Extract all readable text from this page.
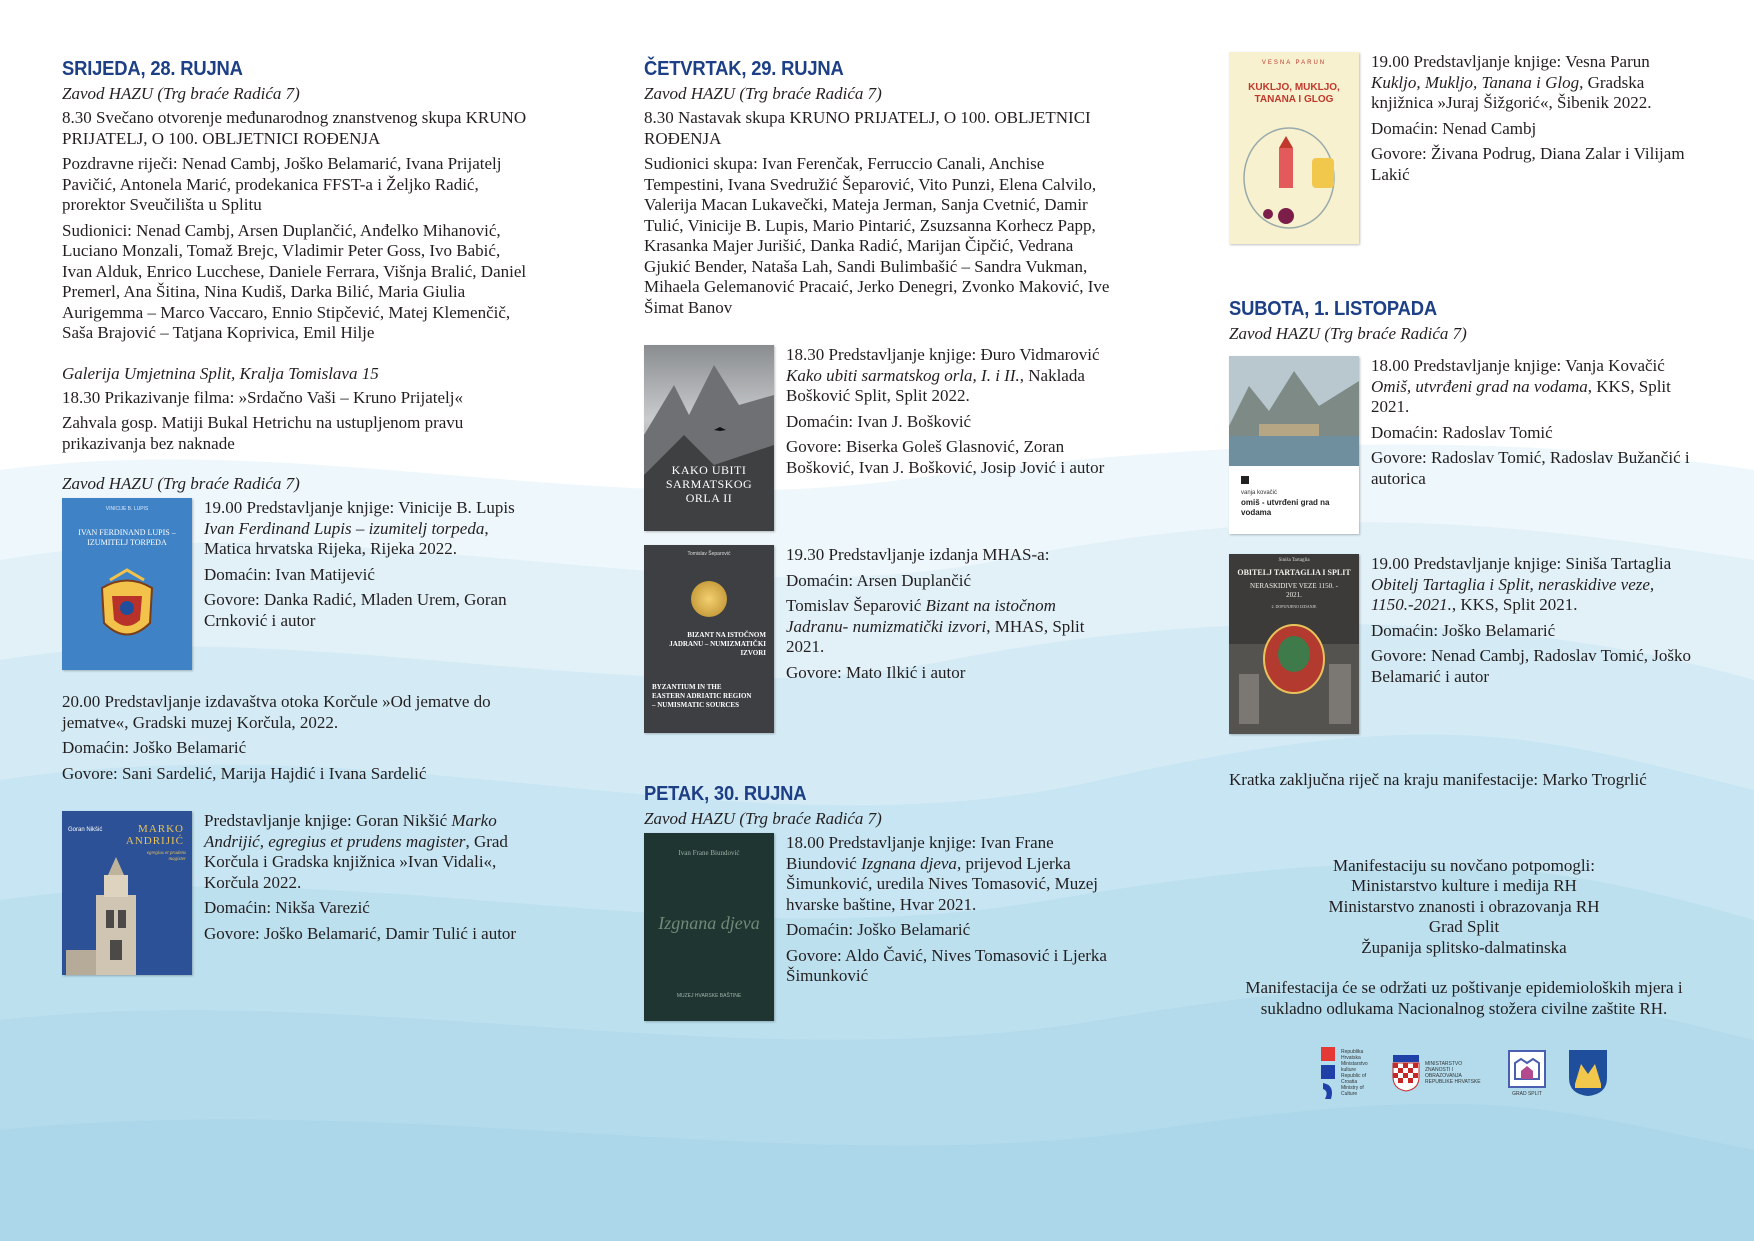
SRIJEDA, 28. RUJNA
Zavod HAZU (Trg braće Radića 7)

8.30 Svečano otvorenje međunarodnog znanstvenog skupa KRUNO PRIJATELJ, O 100. OBLJETNICI ROĐENJA

Pozdravne riječi: Nenad Cambj, Joško Belamarić, Ivana Prijatelj Pavičić, Antonela Marić, prodekanica FFST-a i Željko Radić, prorektor Sveučilišta u Splitu

Sudionici: Nenad Cambj, Arsen Duplančić, Anđelko Mihanović, Luciano Monzali, Tomaž Brejc, Vladimir Peter Goss, Ivo Babić, Ivan Alduk, Enrico Lucchese, Daniele Ferrara, Višnja Bralić, Daniel Premerl, Ana Šitina, Nina Kudiš, Darka Bilić, Maria Giulia Aurigemma – Marco Vaccaro, Ennio Stipčević, Matej Klemenčič, Saša Brajović – Tatjana Koprivica, Emil Hilje

Galerija Umjetnina Split, Kralja Tomislava 15

18.30 Prikazivanje filma: »Srdačno Vaši – Kruno Prijatelj«

Zahvala gosp. Matiji Bukal Hetrichu na ustupljenom pravu prikazivanja bez naknade

Zavod HAZU (Trg braće Radića 7)
VINICIJE B. LUPIS
IVAN FERDINAND LUPIS – IZUMITELJ TORPEDA

19.00 Predstavljanje knjige: Vinicije B. Lupis Ivan Ferdinand Lupis – izumitelj torpeda, Matica hrvatska Rijeka, Rijeka 2022.

Domaćin: Ivan Matijević

Govore: Danka Radić, Mladen Urem, Goran Crnković i autor

20.00 Predstavljanje izdavaštva otoka Korčule »Od jematve do jematve«, Gradski muzej Korčula, 2022.

Domaćin: Joško Belamarić

Govore: Sani Sardelić, Marija Hajdić i Ivana Sardelić

Goran Nikšić	MARKO
ANDRIJIĆ
egregius et prudens magister

Predstavljanje knjige: Goran Nikšić Marko Andrijić, egregius et prudens magister, Grad Korčula i Gradska knjižnica »Ivan Vidali«, Korčula 2022.

Domaćin: Nikša Varezić

Govore: Joško Belamarić, Damir Tulić i autor

ČETVRTAK, 29. RUJNA
Zavod HAZU (Trg braće Radića 7)

8.30 Nastavak skupa KRUNO PRIJATELJ, O 100. OBLJETNICI ROĐENJA

Sudionici skupa: Ivan Ferenčak, Ferruccio Canali, Anchise Tempestini, Ivana Svedružić Šeparović, Vito Punzi, Elena Calvilo, Valerija Macan Lukavečki, Mateja Jerman, Sanja Cvetnić, Damir Tulić, Vinicije B. Lupis, Mario Pintarić, Zsuzsanna Korhecz Papp, Krasanka Majer Jurišić, Danka Radić, Marijan Čipčić, Vedrana Gjukić Bender, Nataša Lah, Sandi Bulimbašić – Sandra Vukman, Mihaela Gelemanović Pracaić, Jerko Denegri, Zvonko Maković, Ive Šimat Banov

KAKO UBITI SARMATSKOG ORLA II

18.30 Predstavljanje knjige: Đuro Vidmarović Kako ubiti sarmatskog orla, I. i II., Naklada Bošković Split, Split 2022.

Domaćin: Ivan J. Bošković

Govore: Biserka Goleš Glasnović, Zoran Bošković, Ivan J. Bošković, Josip Jović i autor

Tomislav Šeparović
BIZANT NA ISTOČNOM JADRANU – NUMIZMATIČKI IZVORI
BYZANTIUM IN THE EASTERN ADRIATIC REGION – NUMISMATIC SOURCES

19.30 Predstavljanje izdanja MHAS-a:

Domaćin: Arsen Duplančić

Tomislav Šeparović Bizant na istočnom Jadranu- numizmatički izvori, MHAS, Split 2021.

Govore: Mato Ilkić i autor

PETAK, 30. RUJNA
Zavod HAZU (Trg braće Radića 7)
Ivan Frane Biundović
Izgnana djeva
MUZEJ HVARSKE BAŠTINE

18.00 Predstavljanje knjige: Ivan Frane Biundović Izgnana djeva, prijevod Ljerka Šimunković, uredila Nives Tomasović, Muzej hvarske baštine, Hvar 2021.

Domaćin: Joško Belamarić

Govore: Aldo Čavić, Nives Tomasović i Ljerka Šimunković

VESNA PARUN
KUKLJO, MUKLJO, TANANA I GLOG

19.00 Predstavljanje knjige: Vesna Parun Kukljo, Mukljo, Tanana i Glog, Gradska knjižnica »Juraj Šižgorić«, Šibenik 2022.

Domaćin: Nenad Cambj

Govore: Živana Podrug, Diana Zalar i Vilijam Lakić

SUBOTA, 1. LISTOPADA
Zavod HAZU (Trg braće Radića 7)
vanja kovačić
omiš - utvrđeni grad na vodama

18.00 Predstavljanje knjige: Vanja Kovačić Omiš, utvrđeni grad na vodama, KKS, Split 2021.

Domaćin: Radoslav Tomić

Govore: Radoslav Tomić, Radoslav Bužančić i autorica

Siniša Tartaglia
OBITELJ TARTAGLIA I SPLIT
NERASKIDIVE VEZE 1150. - 2021.
2. DOPUNJENO IZDANJE

19.00 Predstavljanje knjige: Siniša Tartaglia Obitelj Tartaglia i Split, neraskidive veze, 1150.-2021., KKS, Split 2021.

Domaćin: Joško Belamarić

Govore: Nenad Cambj, Radoslav Tomić, Joško Belamarić i autor

Kratka zaključna riječ na kraju manifestacije: Marko Trogrlić

Manifestaciju su novčano potpomogli:

Ministarstvo kulture i medija RH

Ministarstvo znanosti i obrazovanja RH

Grad Split

Županija splitsko-dalmatinska

Manifestacija će se održati uz poštivanje epidemioloških mjera i sukladno odlukama Nacionalnog stožera civilne zaštite RH.

Republika Hrvatska Ministarstvo kulture Republic of Croatia Ministry of Culture
MINISTARSTVO ZNANOSTI I OBRAZOVANJA REPUBLIKE HRVATSKE
GRAD SPLIT
